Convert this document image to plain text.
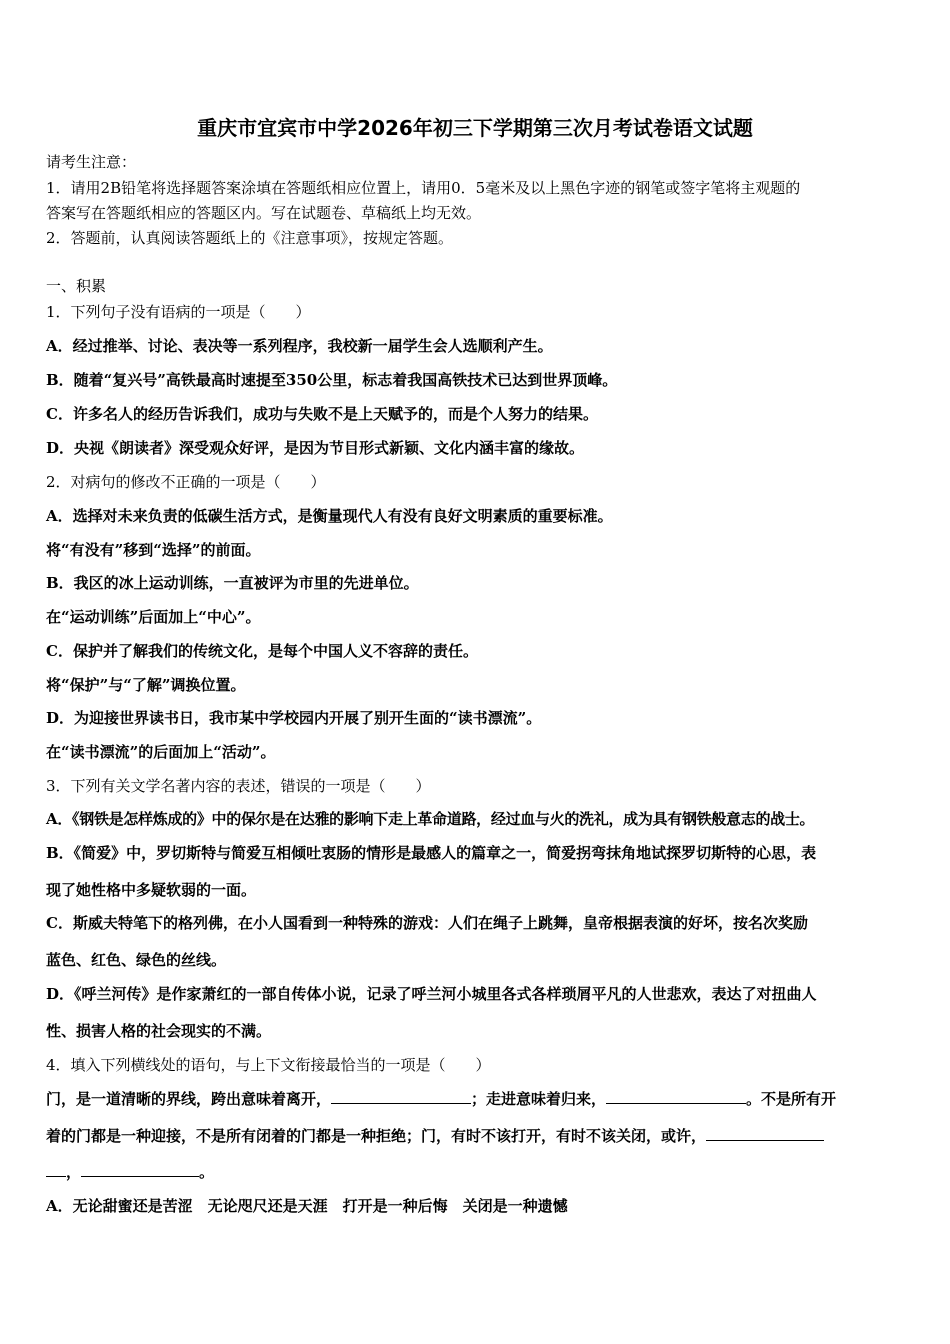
重庆市宜宾市中学2026年初三下学期第三次月考试卷语文试题
请考生注意：
1．请用2B铅笔将选择题答案涂填在答题纸相应位置上，请用0．5毫米及以上黑色字迹的钢笔或签字笔将主观题的
答案写在答题纸相应的答题区内。写在试题卷、草稿纸上均无效。
2．答题前，认真阅读答题纸上的《注意事项》，按规定答题。
一、积累
1．下列句子没有语病的一项是（　　）
A．经过推举、讨论、表决等一系列程序，我校新一届学生会人选顺利产生。
B．随着“复兴号”高铁最高时速提至350公里，标志着我国高铁技术已达到世界顶峰。
C．许多名人的经历告诉我们，成功与失败不是上天赋予的，而是个人努力的结果。
D．央视《朗读者》深受观众好评，是因为节目形式新颖、文化内涵丰富的缘故。
2．对病句的修改不正确的一项是（　　）
A．选择对未来负责的低碳生活方式，是衡量现代人有没有良好文明素质的重要标准。
将“有没有”移到“选择”的前面。
B．我区的冰上运动训练，一直被评为市里的先进单位。
在“运动训练”后面加上“中心”。
C．保护并了解我们的传统文化，是每个中国人义不容辞的责任。
将“保护”与“了解”调换位置。
D．为迎接世界读书日，我市某中学校园内开展了别开生面的“读书漂流”。
在“读书漂流”的后面加上“活动”。
3．下列有关文学名著内容的表述，错误的一项是（　　）
A．《钢铁是怎样炼成的》中的保尔是在达雅的影响下走上革命道路，经过血与火的洗礼，成为具有钢铁般意志的战士。
B．《简爱》中，罗切斯特与简爱互相倾吐衷肠的情形是最感人的篇章之一，简爱拐弯抹角地试探罗切斯特的心思，表
现了她性格中多疑软弱的一面。
C．斯威夫特笔下的格列佛，在小人国看到一种特殊的游戏：人们在绳子上跳舞，皇帝根据表演的好坏，按名次奖励
蓝色、红色、绿色的丝线。
D．《呼兰河传》是作家萧红的一部自传体小说，记录了呼兰河小城里各式各样琐屑平凡的人世悲欢，表达了对扭曲人
性、损害人格的社会现实的不满。
4．填入下列横线处的语句，与上下文衔接最恰当的一项是（　　）
门，是一道清晰的界线，跨出意味着离开，	；走进意味着归来，	。不是所有开
着的门都是一种迎接，不是所有闭着的门都是一种拒绝；门，有时不该打开，有时不该关闭，或许，
，	。
A．无论甜蜜还是苦涩　无论咫尺还是天涯　打开是一种后悔　关闭是一种遗憾
